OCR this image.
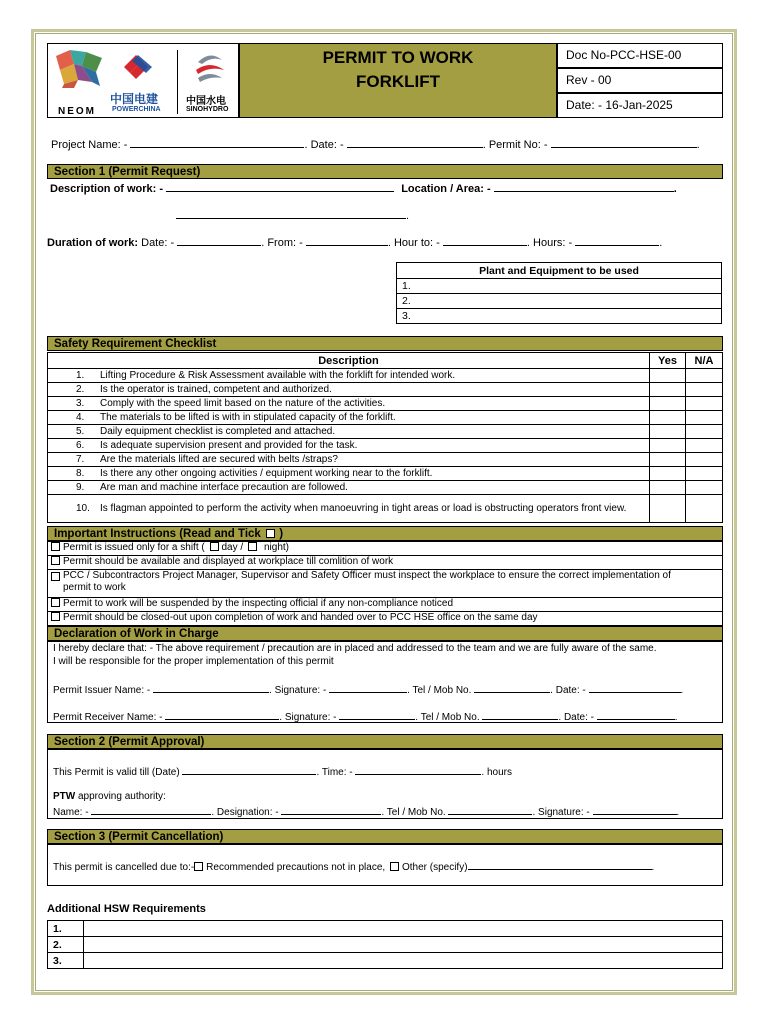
NEOM
中国电建
POWERCHINA
中国水电
SINOHYDRO
PERMIT TO WORK
FORKLIFT
Doc No-PCC-HSE-00
Rev - 00
Date: - 16-Jan-2025
Project Name: -	. Date: -	. Permit No: -	.
Section 1 (Permit Request)
Description of work: -	Location / Area: -	.
.
Duration of work: Date: -	. From: -	. Hour to: -	. Hours: -	.
Plant and Equipment to be used
1.
2.
3.
Safety Requirement Checklist
Description	Yes	N/A
1. Lifting Procedure & Risk Assessment available with the forklift for intended work.		
2. Is the operator is trained, competent and authorized.		
3. Comply with the speed limit based on the nature of the activities.		
4. The materials to be lifted is with in stipulated capacity of the forklift.		
5. Daily equipment checklist is completed and attached.		
6. Is adequate supervision present and provided for the task.		
7. Are the materials lifted are secured with belts /straps?		
8. Is there any other ongoing activities / equipment working near to the forklift.		
9. Are man and machine interface precaution are followed.		

10. Is flagman appointed to perform the activity when manoeuvring in tight areas or load is obstructing operators front view.		

Important Instructions (Read and Tick )
Permit is issued only for a shift ( day / night)
Permit should be available and displayed at workplace till comlition of work
PCC / Subcontractors Project Manager, Supervisor and Safety Officer must inspect the workplace to ensure the correct implementation of permit to work
Permit to work will be suspended by the inspecting official if any non-compliance noticed
Permit should be closed-out upon completion of work and handed over to PCC HSE office on the same day
Declaration of Work in Charge
I hereby declare that: - The above requirement / precaution are in placed and addressed to the team and we are fully aware of the same.
I will be responsible for the proper implementation of this permit
Permit Issuer Name: -	. Signature: -	. Tel / Mob No.	. Date: -	.
Permit Receiver Name: -	. Signature: -	. Tel / Mob No.	. Date: -	.
Section 2 (Permit Approval)
This Permit is valid till (Date)	. Time: -	. hours
PTW approving authority:
Name: -	. Designation: -	. Tel / Mob No.	. Signature: -	.
Section 3 (Permit Cancellation)
This permit is cancelled due to:- Recommended precautions not in place, Other (specify)	.
Additional HSW Requirements
1.	
2.	
3.	
